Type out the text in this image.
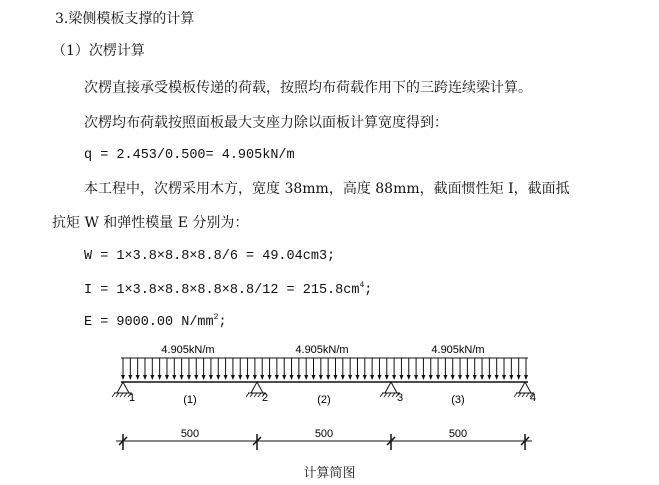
3.梁侧模板支撑的计算
（1）次楞计算
次楞直接承受模板传递的荷载，按照均布荷载作用下的三跨连续梁计算。
次楞均布荷载按照面板最大支座力除以面板计算宽度得到：
q = 2.453/0.500= 4.905kN/m
本工程中，次楞采用木方，宽度 38mm，高度 88mm，截面惯性矩 I，截面抵
抗矩 W 和弹性模量 E 分别为：
W = 1×3.8×8.8×8.8/6 = 49.04cm3;
$I = 1\times 3.8\times 8.8\times 8.8\times 8.8/12 = 215.8cm^4$;
E = 9000.00 $N/mm^2$;
4.905kN/m	4.905kN/m	4.905kN/m
1	2	3	4
(1)	(2)	(3)
500	500	500
计算简图
